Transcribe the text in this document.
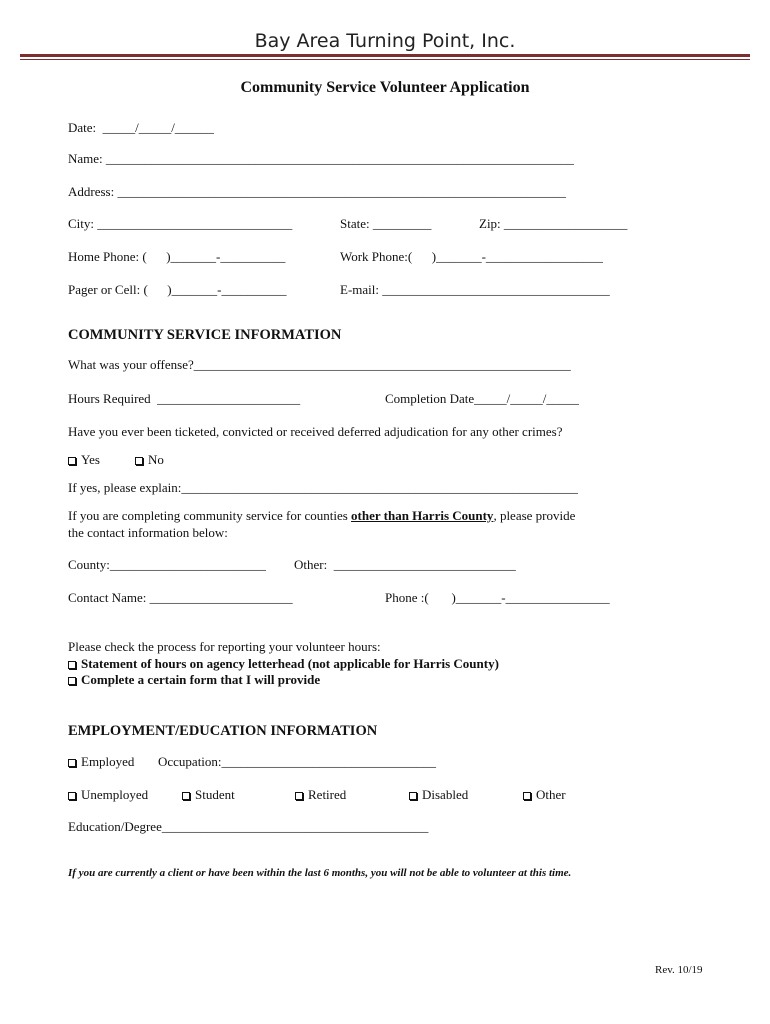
Bay Area Turning Point, Inc.
Community Service Volunteer Application
Date:  _____/_____/______
Name: ________________________________________________________________________
Address: _____________________________________________________________________
City: ______________________________	State: _________	Zip: ___________________
Home Phone: (      )_______-__________	Work Phone:(      )_______-__________________
Pager or Cell: (      )_______-__________	E-mail: ___________________________________
COMMUNITY SERVICE INFORMATION
What was your offense?__________________________________________________________
Hours Required  ______________________	Completion Date_____/_____/_____
Have you ever been ticketed, convicted or received deferred adjudication for any other crimes?
Yes	No
If yes, please explain:_____________________________________________________________
If you are completing community service for counties other than Harris County, please provide
the contact information below:
County:________________________ Other:  ____________________________
Contact Name: ______________________	Phone :(       )_______-________________
Please check the process for reporting your volunteer hours:
Statement of hours on agency letterhead (not applicable for Harris County)
Complete a certain form that I will provide
EMPLOYMENT/EDUCATION INFORMATION
Employed Occupation:_________________________________
Unemployed	Student	Retired	Disabled	Other
Education/Degree_________________________________________
If you are currently a client or have been within the last 6 months, you will not be able to volunteer at this time.
Rev. 10/19
